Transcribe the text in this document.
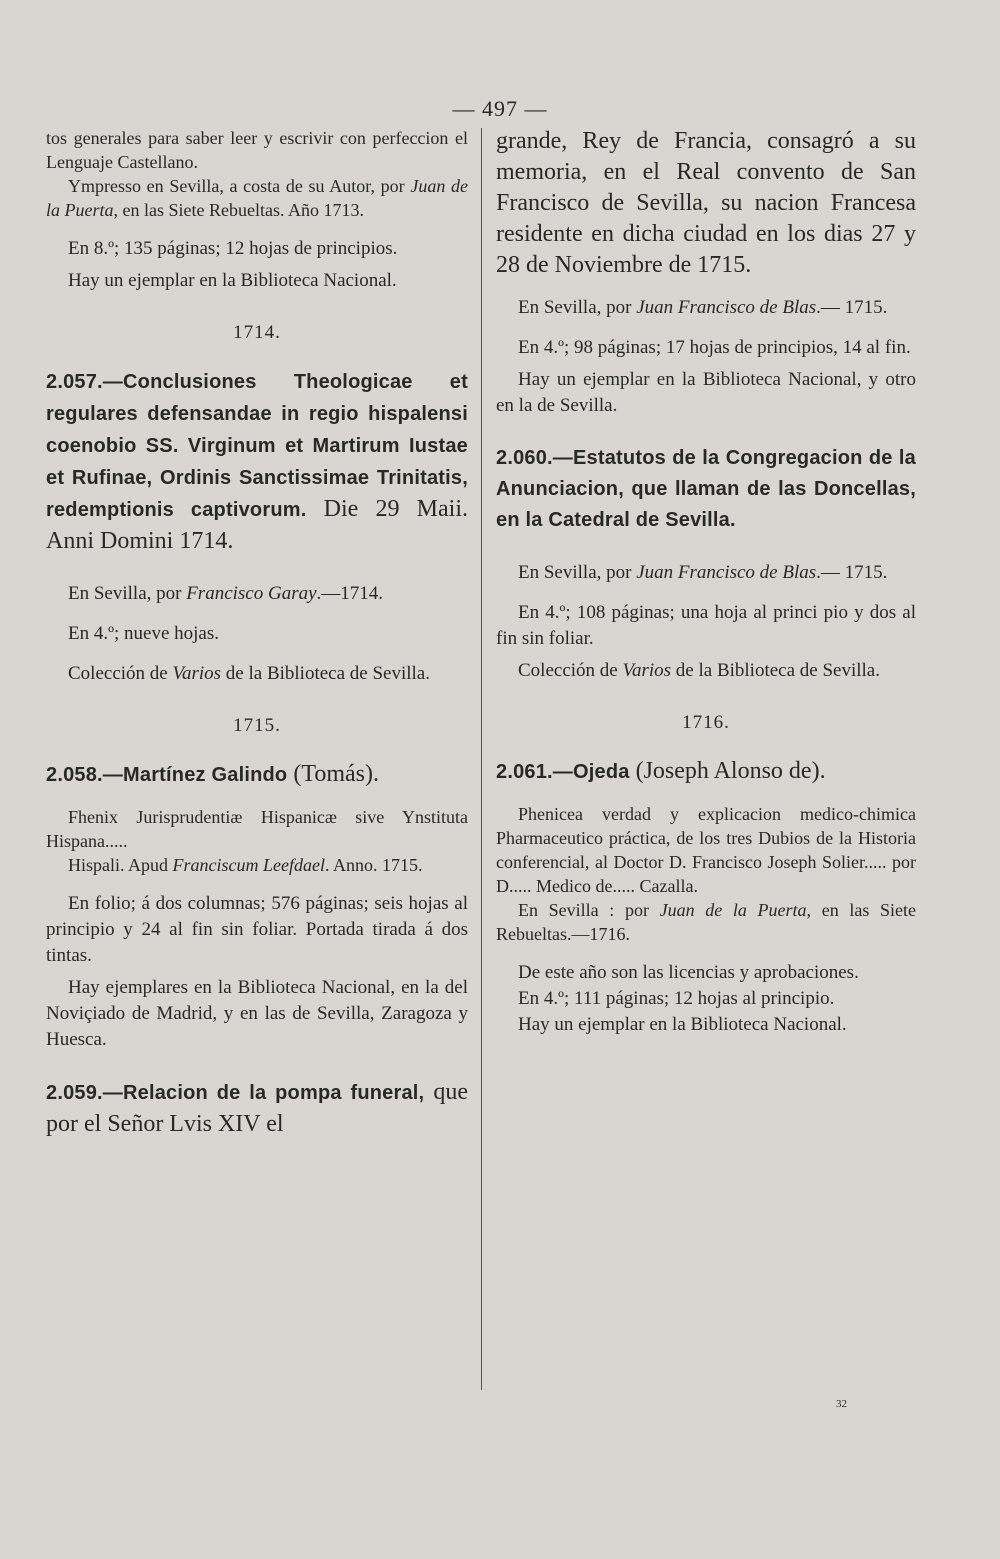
— 497 —

tos generales para saber leer y escrivir con perfeccion el Lenguaje Castellano.

Ympresso en Sevilla, a costa de su Autor, por Juan de la Puerta, en las Siete Rebueltas. Año 1713.

En 8.º; 135 páginas; 12 hojas de principios.

Hay un ejemplar en la Biblioteca Nacional.

1714.

2.057.—Conclusiones Theologicae et regulares defensandae in regio hispalensi coenobio SS. Virginum et Martirum Iustae et Rufinae, Ordinis Sanctissimae Trinitatis, redemptionis captivorum. Die 29 Maii. Anni Domini 1714.

En Sevilla, por Francisco Garay.—1714.

En 4.º; nueve hojas.

Colección de Varios de la Biblioteca de Sevilla.

1715.

2.058.—Martínez Galindo (Tomás).

Fhenix Jurisprudentiæ Hispanicæ sive Ynstituta Hispana.....

Hispali. Apud Franciscum Leefdael. Anno. 1715.

En folio; á dos columnas; 576 páginas; seis hojas al principio y 24 al fin sin foliar. Portada tirada á dos tintas.

Hay ejemplares en la Biblioteca Nacional, en la del Noviçiado de Madrid, y en las de Sevilla, Zaragoza y Huesca.

2.059.—Relacion de la pompa funeral, que por el Señor Lvis XIV el

grande, Rey de Francia, consagró a su memoria, en el Real convento de San Francisco de Sevilla, su nacion Francesa residente en dicha ciudad en los dias 27 y 28 de Noviembre de 1715.

En Sevilla, por Juan Francisco de Blas.— 1715.

En 4.º; 98 páginas; 17 hojas de principios, 14 al fin.

Hay un ejemplar en la Biblioteca Nacional, y otro en la de Sevilla.

2.060.—Estatutos de la Congregacion de la Anunciacion, que llaman de las Doncellas, en la Catedral de Sevilla.

En Sevilla, por Juan Francisco de Blas.— 1715.

En 4.º; 108 páginas; una hoja al princi pio y dos al fin sin foliar.

Colección de Varios de la Biblioteca de Sevilla.

1716.

2.061.—Ojeda (Joseph Alonso de).

Phenicea verdad y explicacion medico-chimica Pharmaceutico práctica, de los tres Dubios de la Historia conferencial, al Doctor D. Francisco Joseph Solier..... por D..... Medico de..... Cazalla.

En Sevilla : por Juan de la Puerta, en las Siete Rebueltas.—1716.

De este año son las licencias y aprobaciones.

En 4.º; 111 páginas; 12 hojas al principio.

Hay un ejemplar en la Biblioteca Nacional.

32
